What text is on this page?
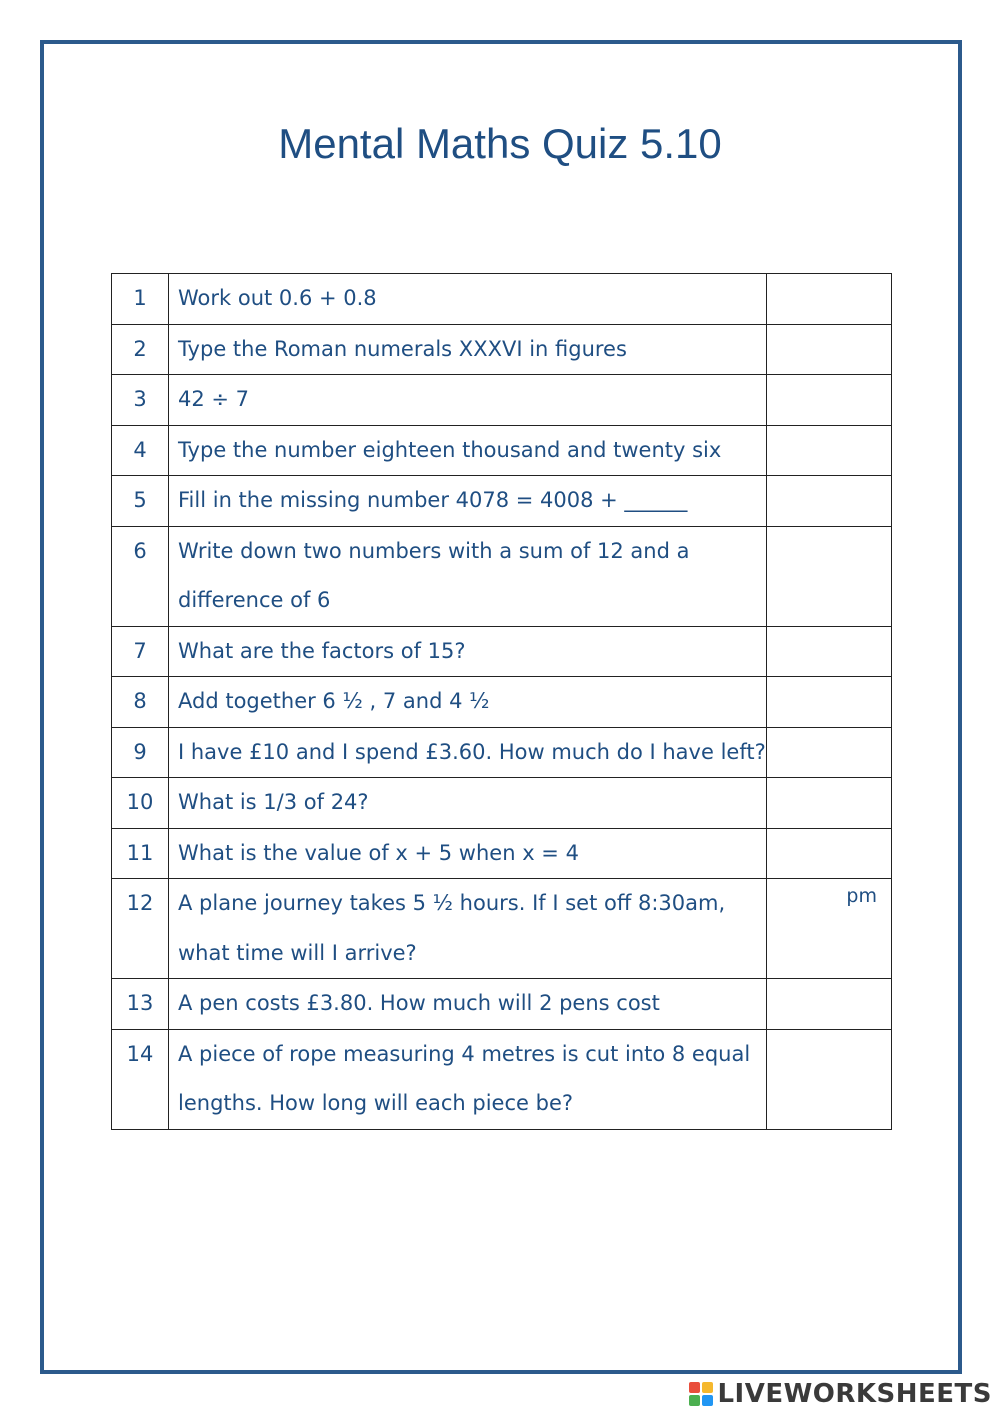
Mental Maths Quiz 5.10
1	Work out 0.6 + 0.8	

2	Type the Roman numerals XXXVI in figures	

3	42 ÷ 7	

4	Type the number eighteen thousand and twenty six	

5	Fill in the missing number 4078 = 4008 + ______	

6	Write down two numbers with a sum of 12 and a difference of 6	

7	What are the factors of 15?	

8	Add together 6 ½ , 7 and 4 ½	

9	I have £10 and I spend £3.60. How much do I have left?	

10	What is 1/3 of 24?	

11	What is the value of x + 5 when x = 4	

12	A plane journey takes 5 ½ hours. If I set off 8:30am, what time will I arrive?	pm

13	A pen costs £3.80. How much will 2 pens cost	

14	A piece of rope measuring 4 metres is cut into 8 equal lengths. How long will each piece be?	
LIVEWORKSHEETS
